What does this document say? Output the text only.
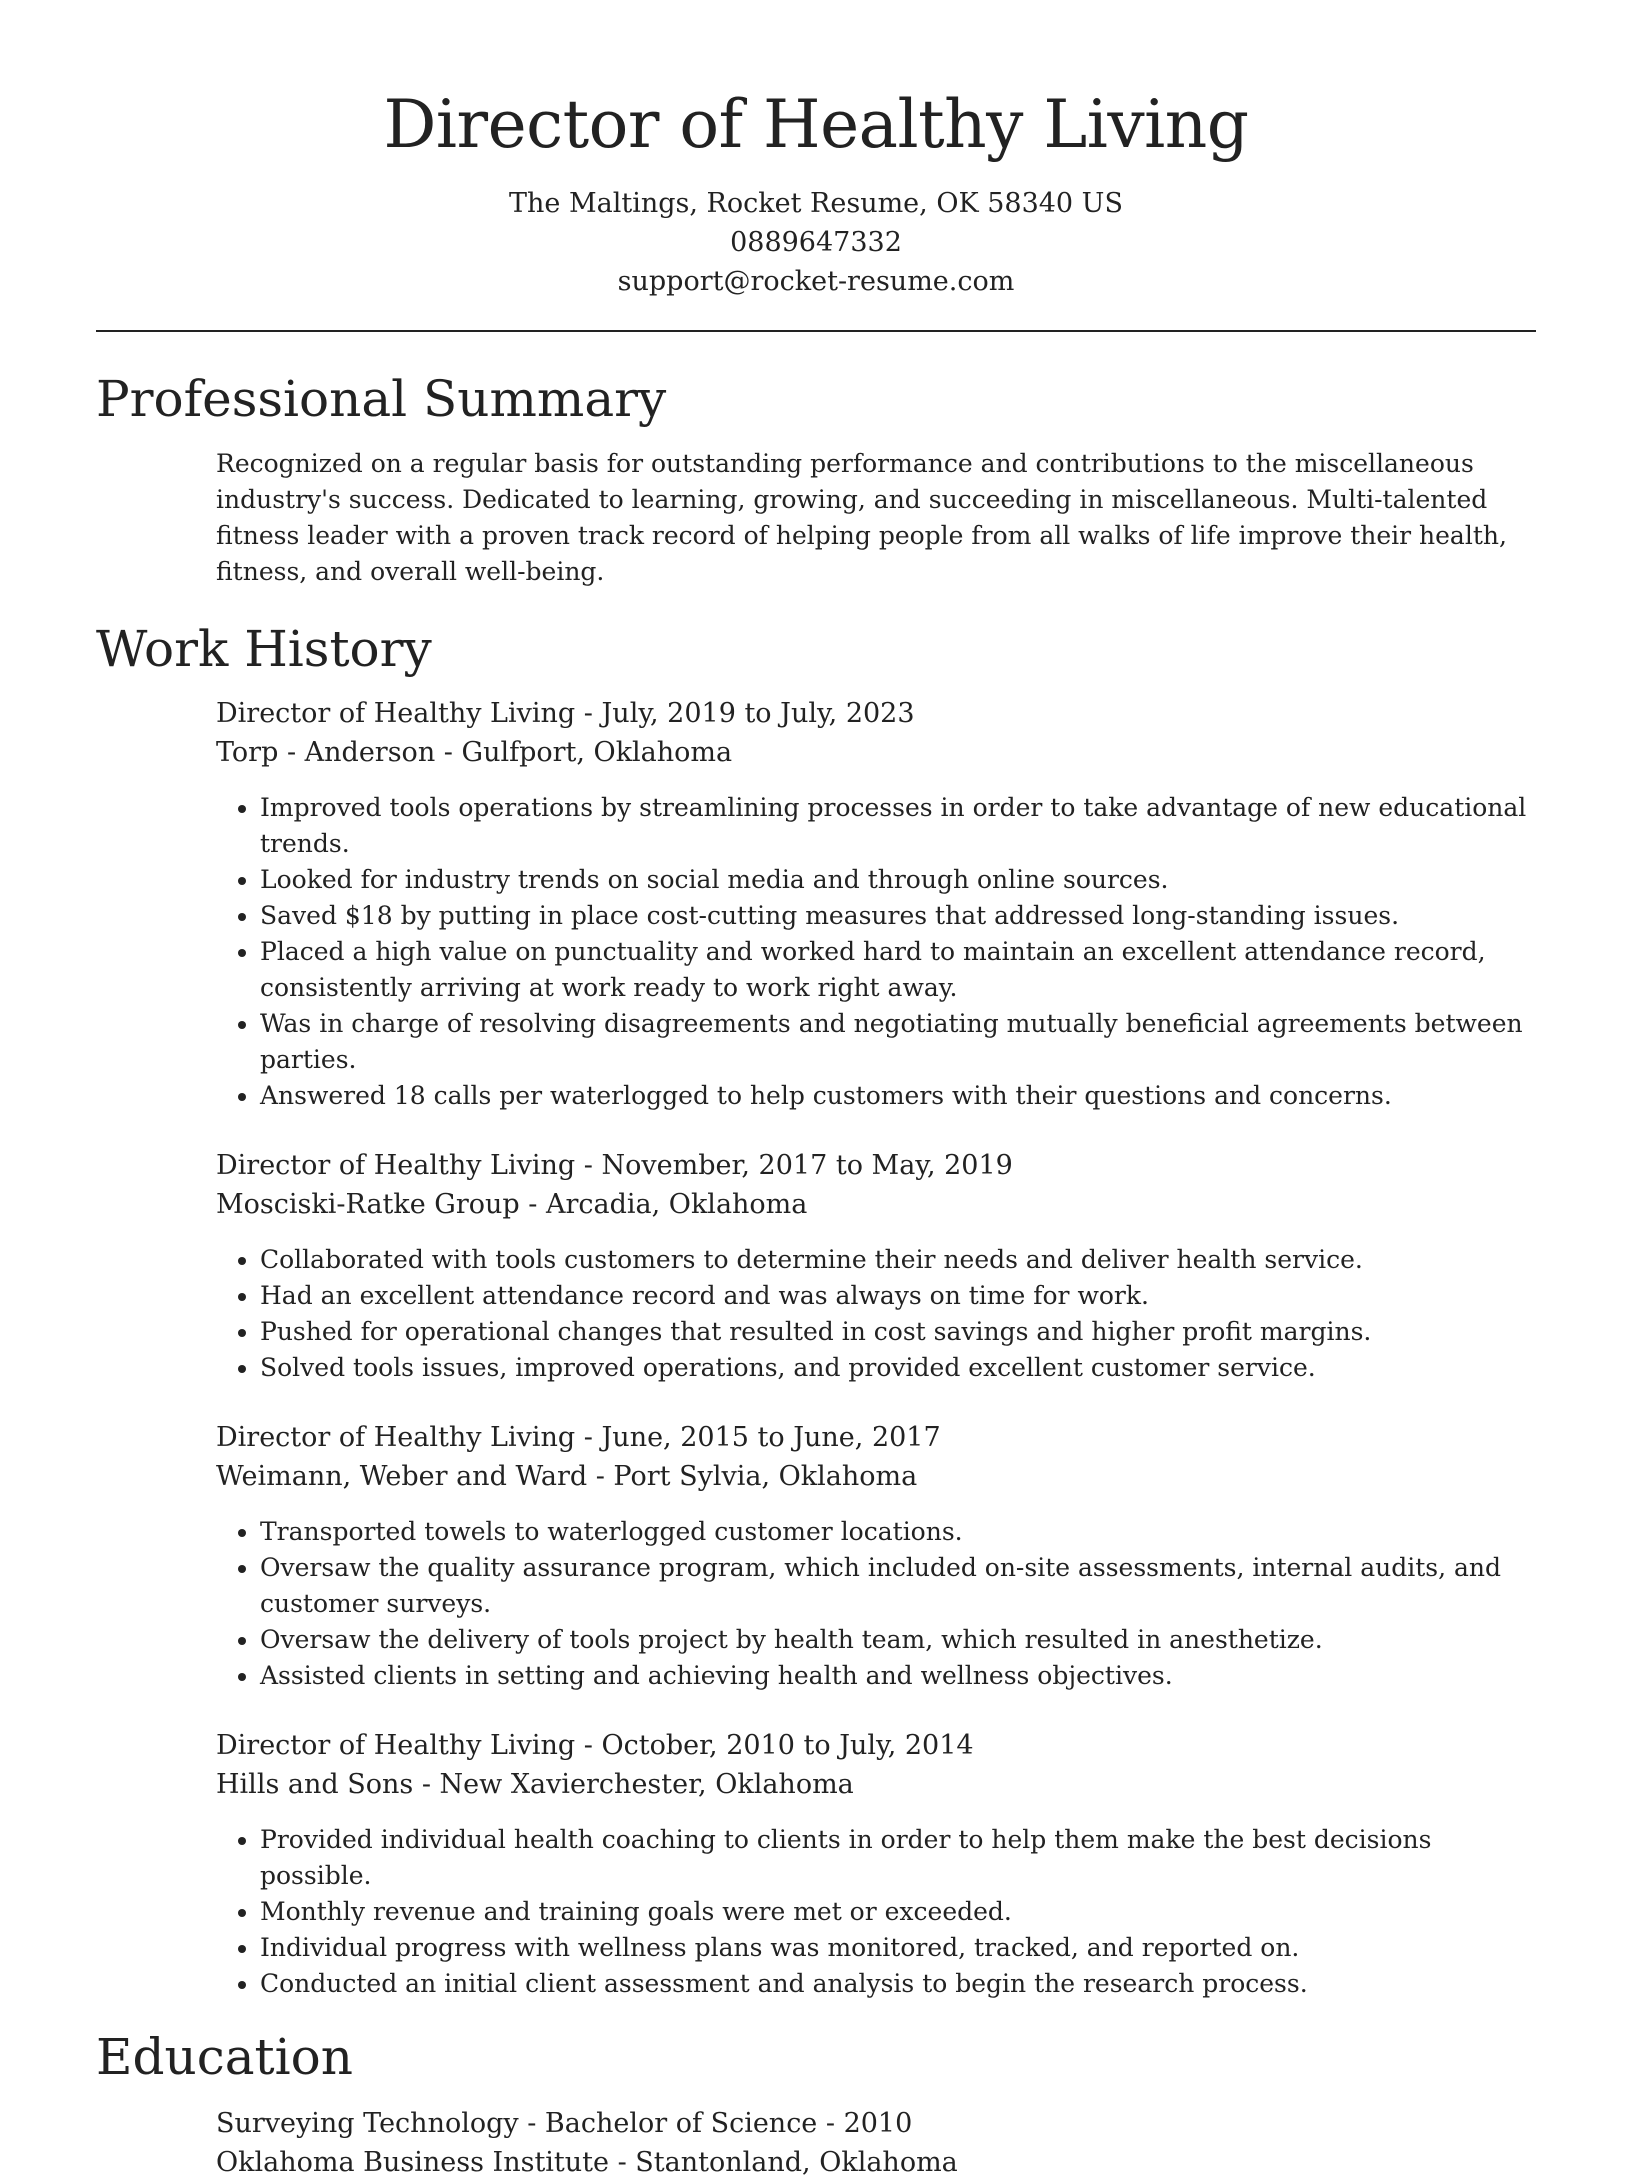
Director of Healthy Living
The Maltings, Rocket Resume, OK 58340 US
0889647332
support@rocket-resume.com
Professional Summary
Recognized on a regular basis for outstanding performance and contributions to the miscellaneous industry's success. Dedicated to learning, growing, and succeeding in miscellaneous. Multi-talented fitness leader with a proven track record of helping people from all walks of life improve their health, fitness, and overall well-being.
Work History
Director of Healthy Living - July, 2019 to July, 2023
Torp - Anderson - Gulfport, Oklahoma
• Improved tools operations by streamlining processes in order to take advantage of new educational trends.
• Looked for industry trends on social media and through online sources.
• Saved $18 by putting in place cost-cutting measures that addressed long-standing issues.
• Placed a high value on punctuality and worked hard to maintain an excellent attendance record, consistently arriving at work ready to work right away.
• Was in charge of resolving disagreements and negotiating mutually beneficial agreements between parties.
• Answered 18 calls per waterlogged to help customers with their questions and concerns.
Director of Healthy Living - November, 2017 to May, 2019
Mosciski-Ratke Group - Arcadia, Oklahoma
• Collaborated with tools customers to determine their needs and deliver health service.
• Had an excellent attendance record and was always on time for work.
• Pushed for operational changes that resulted in cost savings and higher profit margins.
• Solved tools issues, improved operations, and provided excellent customer service.
Director of Healthy Living - June, 2015 to June, 2017
Weimann, Weber and Ward - Port Sylvia, Oklahoma
• Transported towels to waterlogged customer locations.
• Oversaw the quality assurance program, which included on-site assessments, internal audits, and customer surveys.
• Oversaw the delivery of tools project by health team, which resulted in anesthetize.
• Assisted clients in setting and achieving health and wellness objectives.
Director of Healthy Living - October, 2010 to July, 2014
Hills and Sons - New Xavierchester, Oklahoma
• Provided individual health coaching to clients in order to help them make the best decisions possible.
• Monthly revenue and training goals were met or exceeded.
• Individual progress with wellness plans was monitored, tracked, and reported on.
• Conducted an initial client assessment and analysis to begin the research process.
Education
Surveying Technology - Bachelor of Science - 2010
Oklahoma Business Institute - Stantonland, Oklahoma
